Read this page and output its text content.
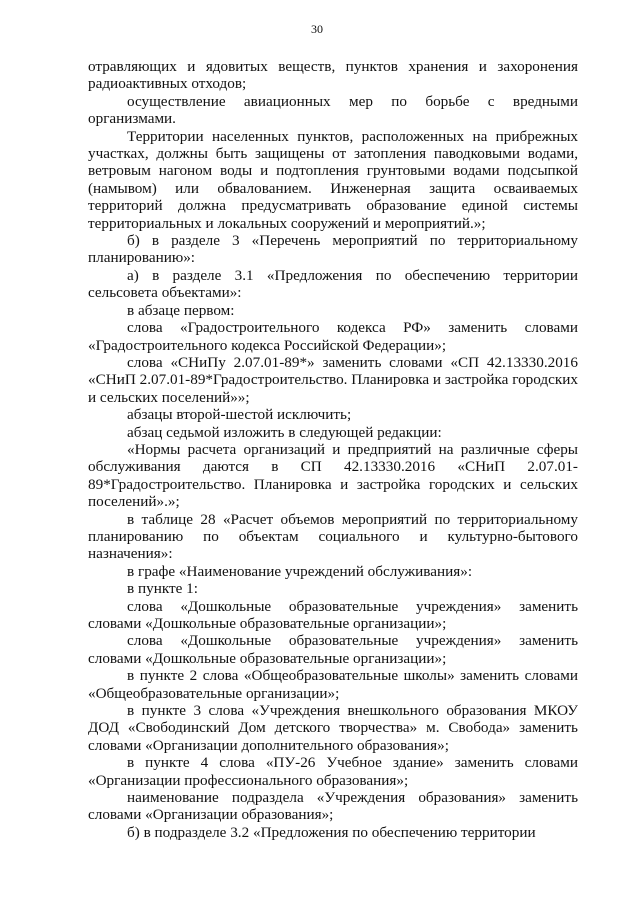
30

отравляющих и ядовитых веществ, пунктов хранения и захоронения радиоактивных отходов;

осуществление авиационных мер по борьбе с вредными организмами.

Территории населенных пунктов, расположенных на прибрежных участках, должны быть защищены от затопления паводковыми водами, ветровым нагоном воды и подтопления грунтовыми водами подсыпкой (намывом) или обвалованием. Инженерная защита осваиваемых территорий должна предусматривать образование единой системы территориальных и локальных сооружений и мероприятий.»;

б) в разделе 3 «Перечень мероприятий по территориальному планированию»:

а) в разделе 3.1 «Предложения по обеспечению территории сельсовета объектами»:

в абзаце первом:

слова «Градостроительного кодекса РФ» заменить словами «Градостроительного кодекса Российской Федерации»;

слова «СНиПу 2.07.01-89*» заменить словами «СП 42.13330.2016 «СНиП 2.07.01-89*Градостроительство. Планировка и застройка городских и сельских поселений»»;

абзацы второй-шестой исключить;

абзац седьмой изложить в следующей редакции:

«Нормы расчета организаций и предприятий на различные сферы обслуживания даются в СП 42.13330.2016 «СНиП 2.07.01-89*Градостроительство. Планировка и застройка городских и сельских поселений».»;

в таблице 28 «Расчет объемов мероприятий по территориальному планированию по объектам социального и культурно-бытового назначения»:

в графе «Наименование учреждений обслуживания»:

в пункте 1:

слова «Дошкольные образовательные учреждения» заменить словами «Дошкольные образовательные организации»;

слова «Дошкольные образовательные учреждения» заменить словами «Дошкольные образовательные организации»;

в пункте 2 слова «Общеобразовательные школы» заменить словами «Общеобразовательные организации»;

в пункте 3 слова «Учреждения внешкольного образования МКОУ ДОД «Свободинский Дом детского творчества» м. Свобода» заменить словами «Организации дополнительного образования»;

в пункте 4 слова «ПУ-26 Учебное здание» заменить словами «Организации профессионального образования»;

наименование подраздела «Учреждения образования» заменить словами «Организации образования»;

б) в подразделе 3.2 «Предложения по обеспечению территории
